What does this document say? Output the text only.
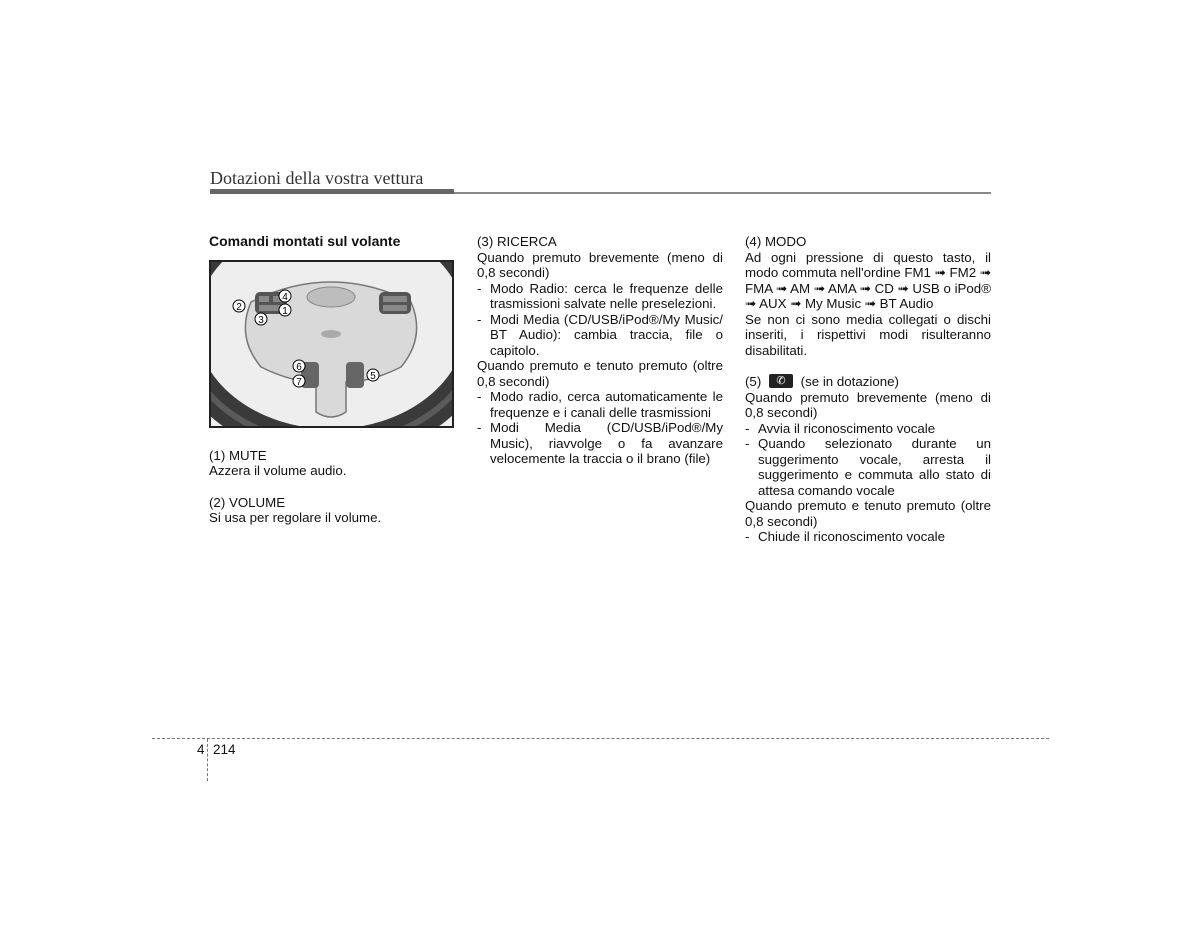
Dotazioni della vostra vettura

Comandi montati sul volante

4
2	1
3
6
7
5

(1) MUTE

Azzera il volume audio.

(2) VOLUME

Si usa per regolare il volume.

(3) RICERCA

Quando premuto brevemente (meno di 0,8 secondi)

- Modo Radio: cerca le frequenze delle trasmissioni salvate nelle preselezioni.
- Modi Media (CD/USB/iPod®/My Music/ BT Audio): cambia traccia, file o capitolo.

Quando premuto e tenuto premuto (oltre 0,8 secondi)

- Modo radio, cerca automaticamente le frequenze e i canali delle trasmissioni
- Modi Media (CD/USB/iPod®/My Music), riavvolge o fa avanzare velocemente la traccia o il brano (file)

(4) MODO

Ad ogni pressione di questo tasto, il modo commuta nell'ordine FM1 ➟ FM2 ➟ FMA ➟ AM ➟ AMA ➟ CD ➟ USB o iPod® ➟ AUX ➟ My Music ➟ BT Audio

Se non ci sono media collegati o dischi inseriti, i rispettivi modi risulteranno disabilitati.

(5)	✆	(se in dotazione)

Quando premuto brevemente (meno di 0,8 secondi)

- Avvia il riconoscimento vocale
- Quando selezionato durante un suggerimento vocale, arresta il suggerimento e commuta allo stato di attesa comando vocale

Quando premuto e tenuto premuto (oltre 0,8 secondi)

- Chiude il riconoscimento vocale
4 214
